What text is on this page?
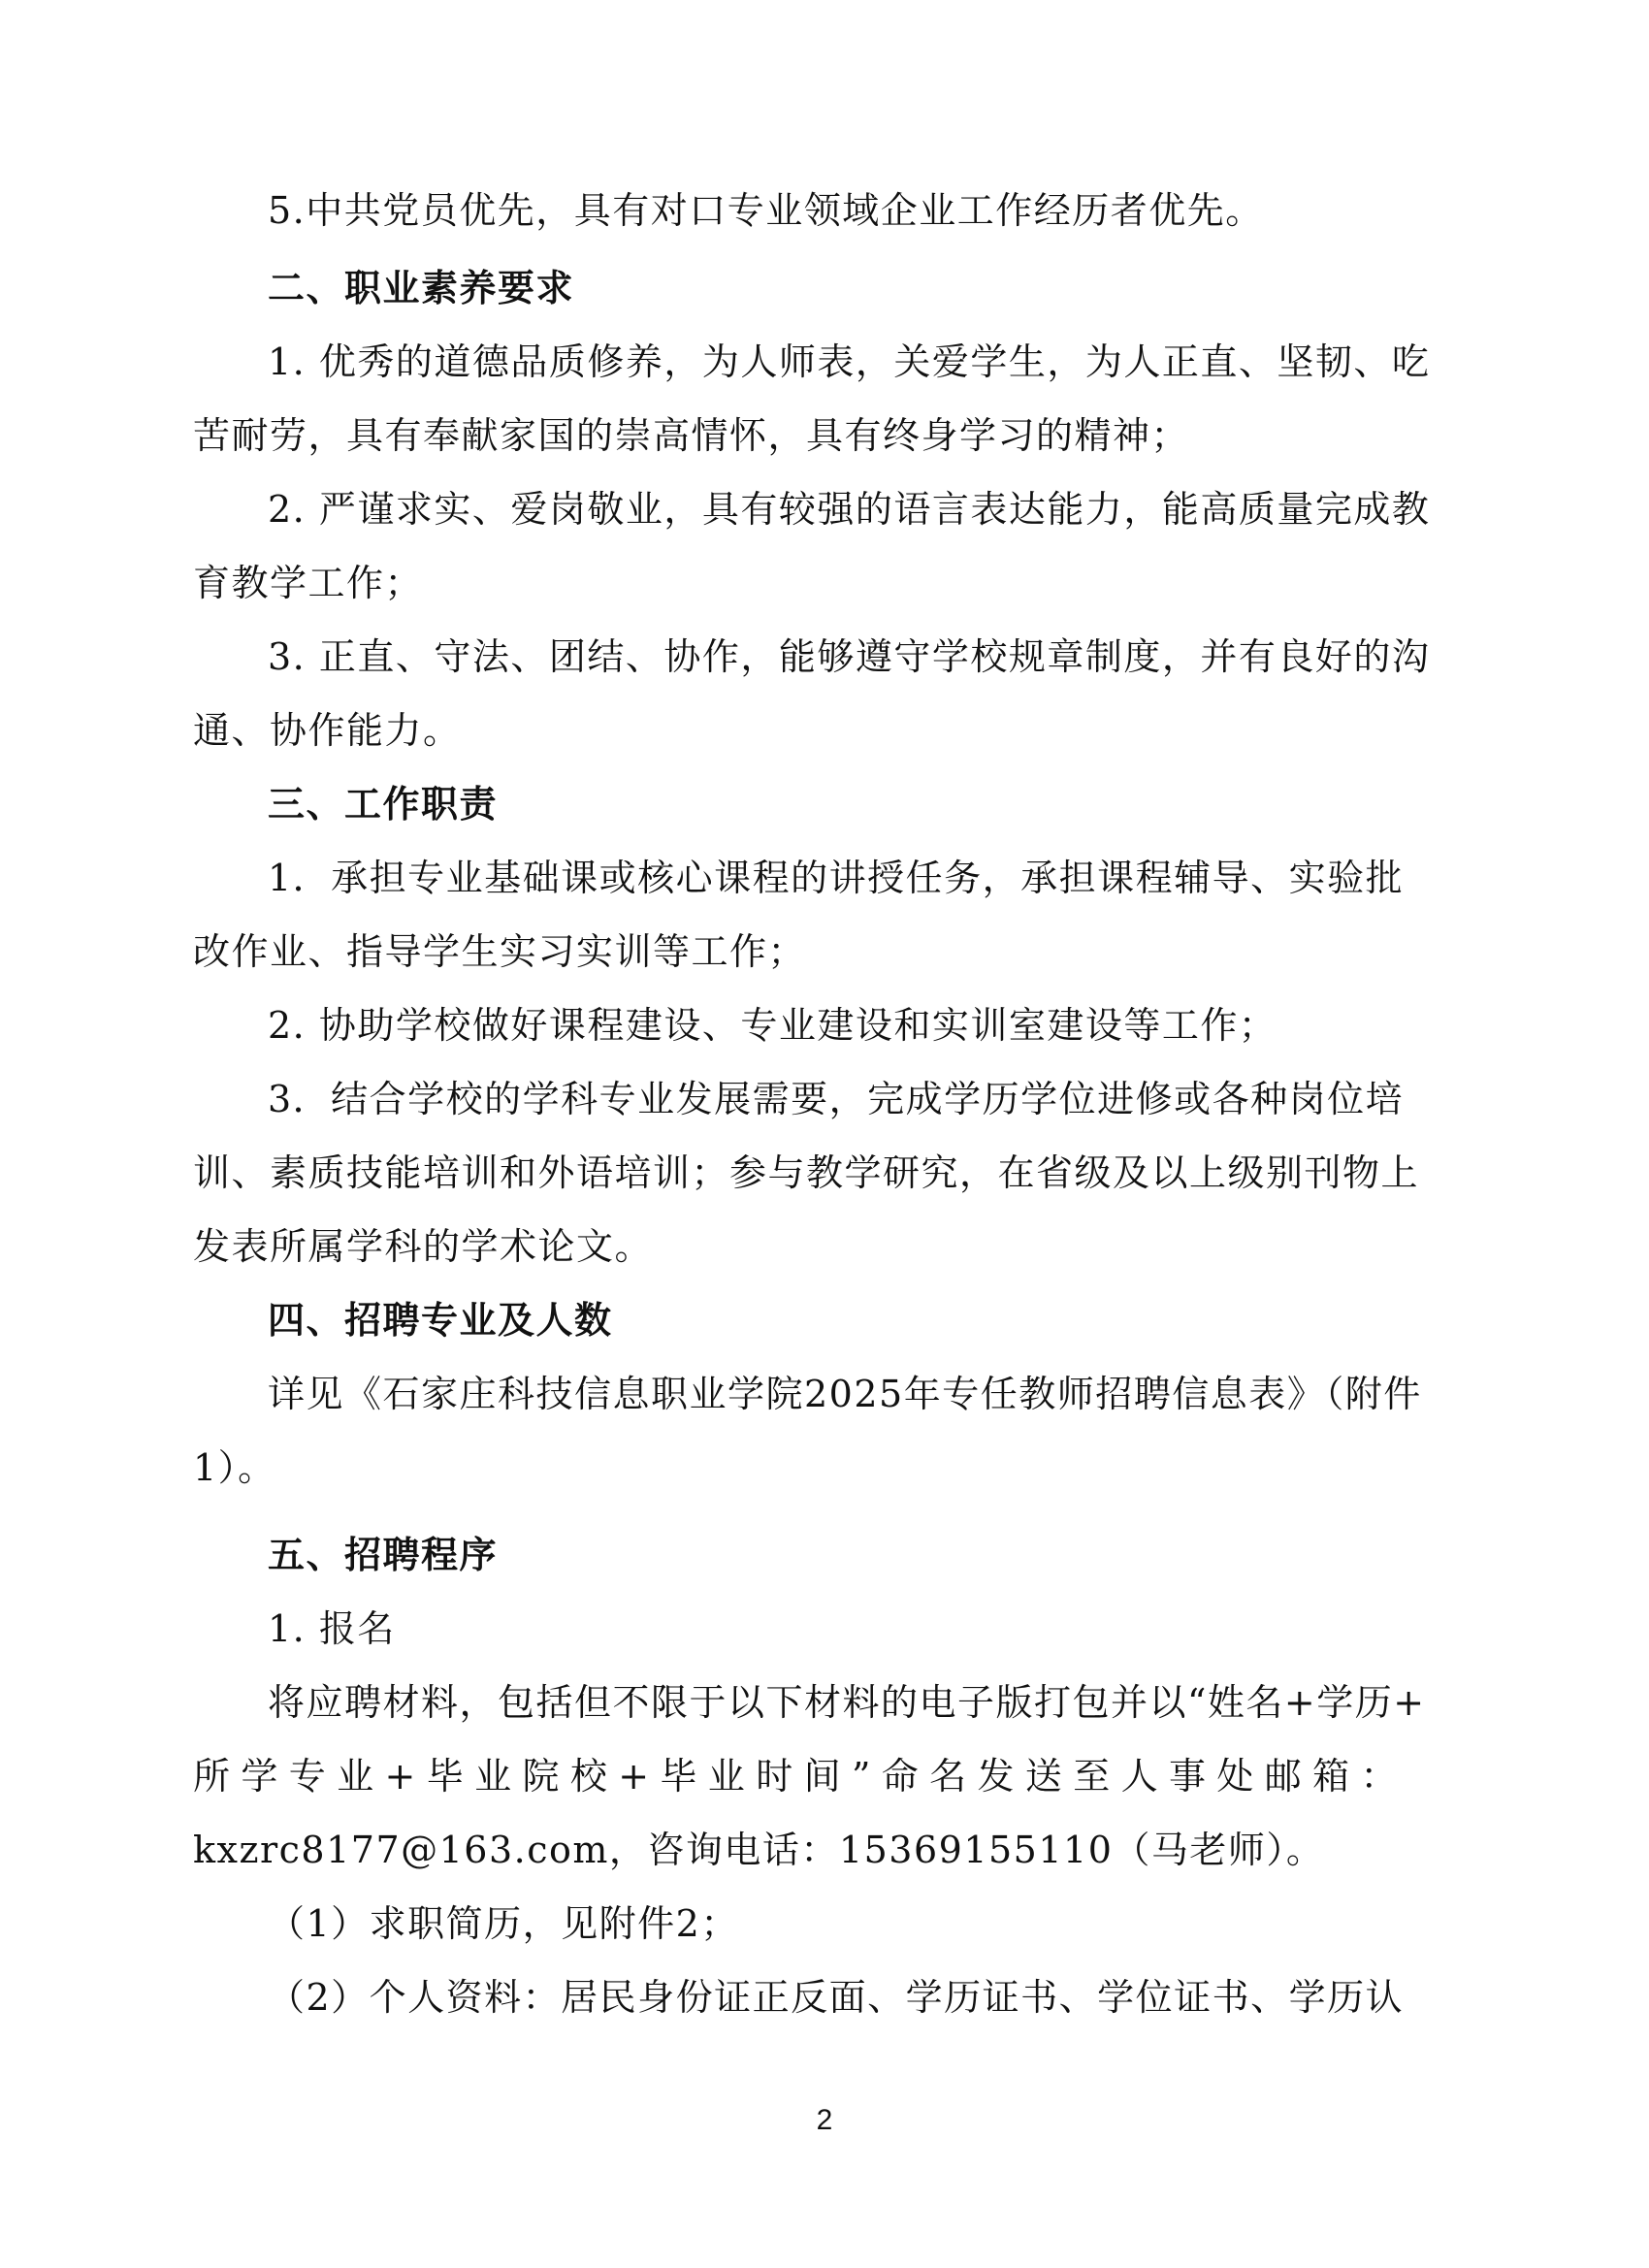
5.中共党员优先，具有对口专业领域企业工作经历者优先。
二、职业素养要求
1. 优秀的道德品质修养，为人师表，关爱学生，为人正直、坚韧、吃
苦耐劳，具有奉献家国的崇高情怀，具有终身学习的精神；
2. 严谨求实、爱岗敬业，具有较强的语言表达能力，能高质量完成教
育教学工作；
3. 正直、守法、团结、协作，能够遵守学校规章制度，并有良好的沟
通、协作能力。
三、工作职责
1．承担专业基础课或核心课程的讲授任务，承担课程辅导、实验批
改作业、指导学生实习实训等工作；
2. 协助学校做好课程建设、专业建设和实训室建设等工作；
3．结合学校的学科专业发展需要，完成学历学位进修或各种岗位培
训、素质技能培训和外语培训；参与教学研究，在省级及以上级别刊物上
发表所属学科的学术论文。
四、招聘专业及人数
详见《石家庄科技信息职业学院2025年专任教师招聘信息表》（附件
1）。
五、招聘程序
1. 报名
将应聘材料，包括但不限于以下材料的电子版打包并以“姓名+学历+
所学专业+毕业院校+毕业时间”命名发送至人事处邮箱：
kxzrc8177@163.com，咨询电话：15369155110（马老师）。
（1）求职简历，见附件2；
（2）个人资料：居民身份证正反面、学历证书、学位证书、学历认
2
